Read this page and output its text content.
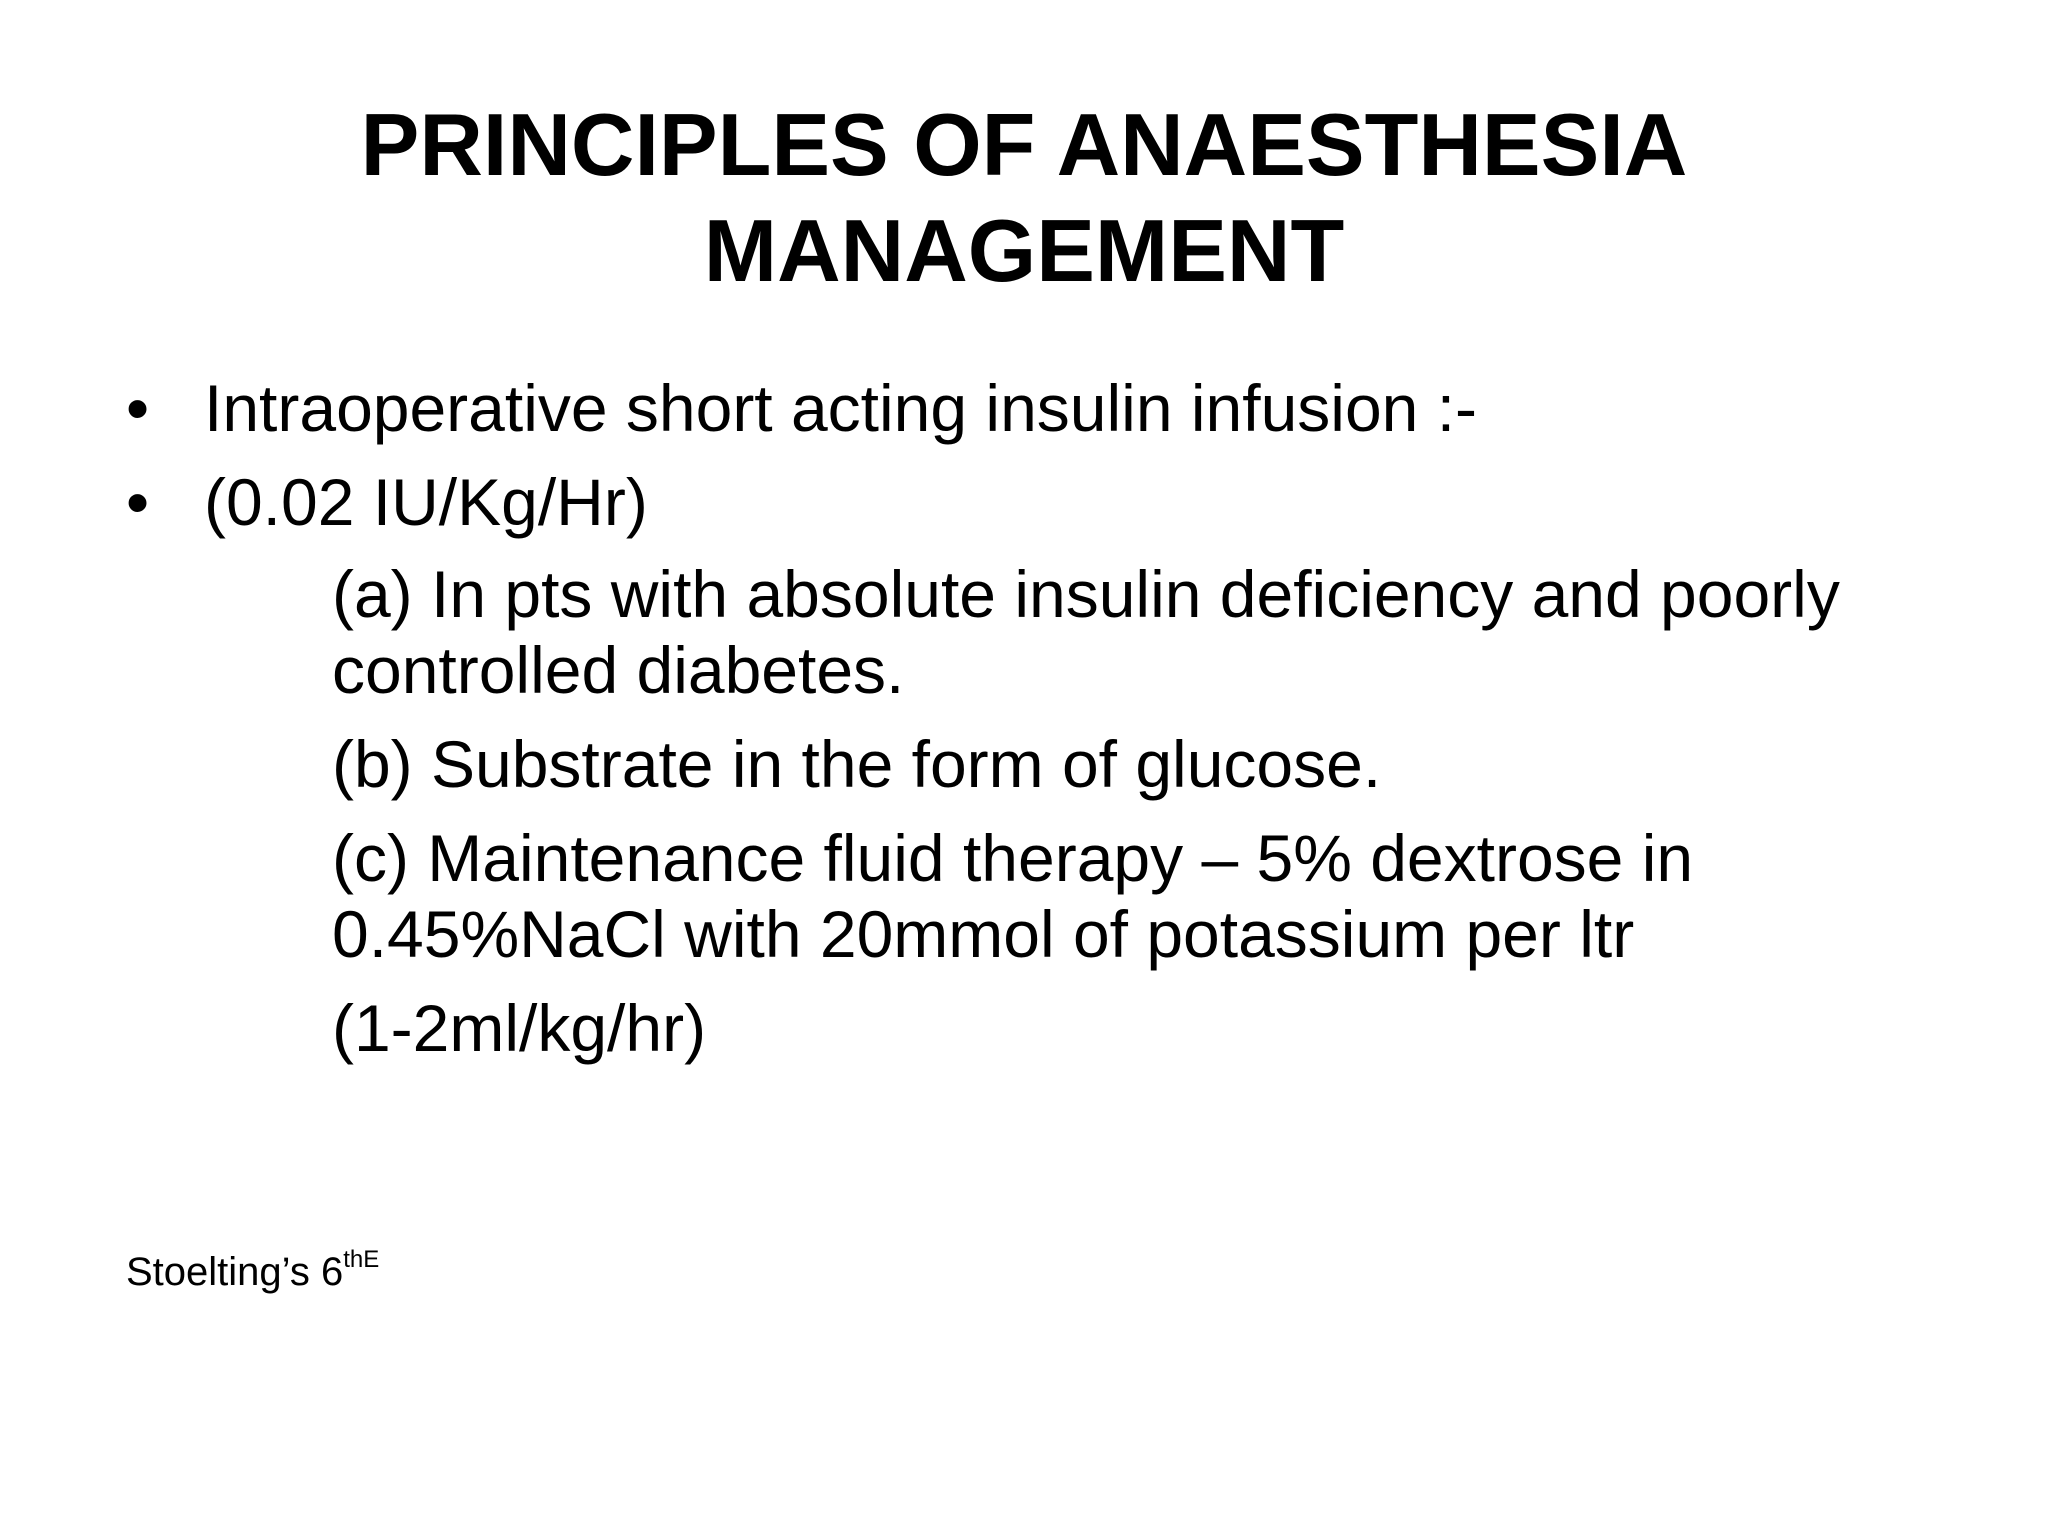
PRINCIPLES OF ANAESTHESIA
MANAGEMENT
• Intraoperative short acting insulin infusion :-
• (0.02 IU/Kg/Hr)
(a) In pts with absolute insulin deficiency and poorly
controlled diabetes.
(b) Substrate in the form of glucose.
(c) Maintenance fluid therapy – 5% dextrose in
0.45%NaCl with 20mmol of potassium per ltr
(1-2ml/kg/hr)
Stoelting’s $6^{thE}$
